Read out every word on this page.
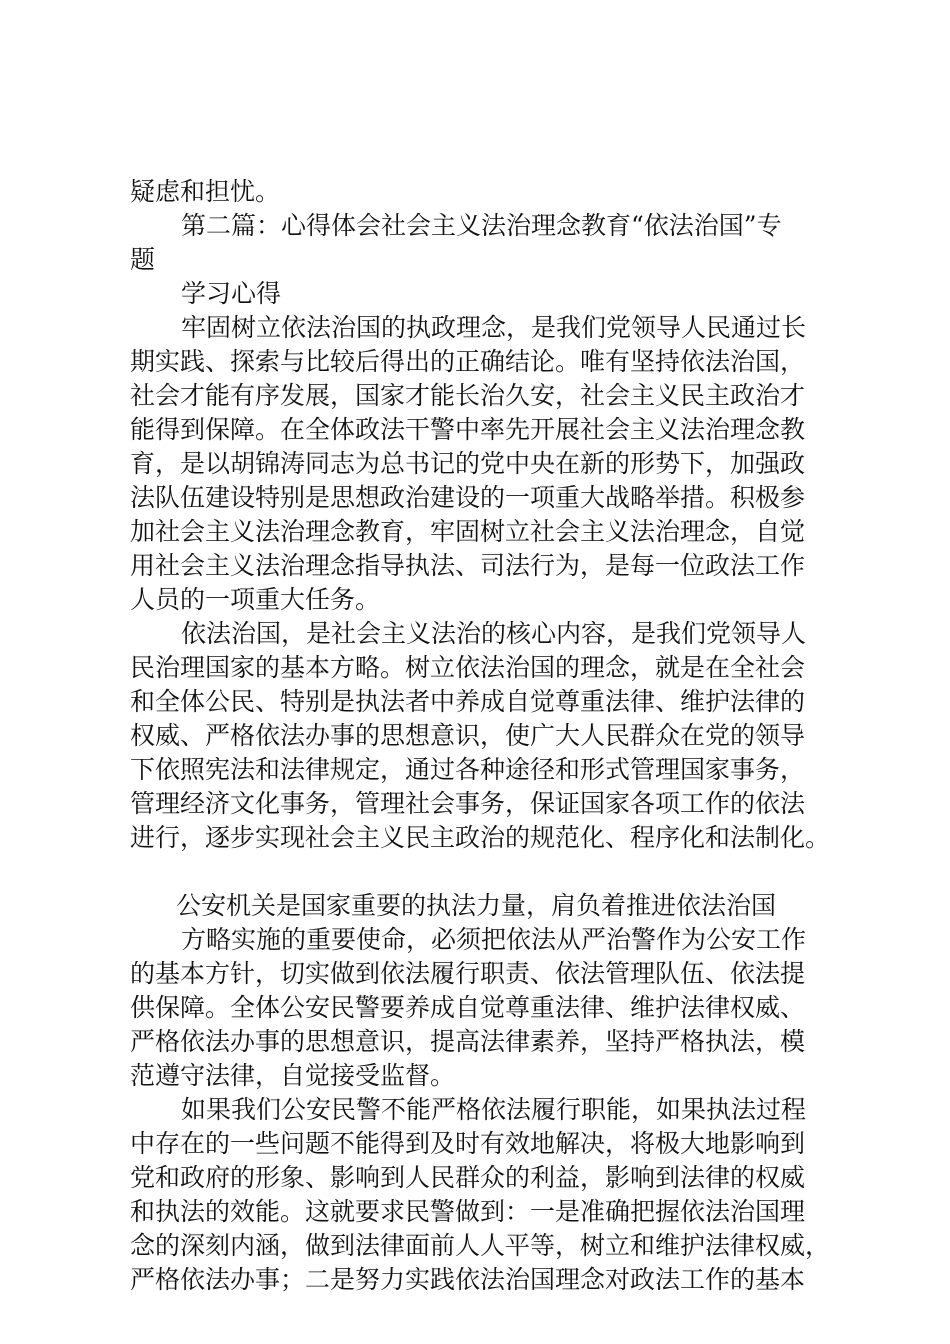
疑虑和担忧。
第二篇：心得体会社会主义法治理念教育“依法治国”专
题
学习心得
牢固树立依法治国的执政理念，是我们党领导人民通过长
期实践、探索与比较后得出的正确结论。唯有坚持依法治国，
社会才能有序发展，国家才能长治久安，社会主义民主政治才
能得到保障。在全体政法干警中率先开展社会主义法治理念教
育，是以胡锦涛同志为总书记的党中央在新的形势下，加强政
法队伍建设特别是思想政治建设的一项重大战略举措。积极参
加社会主义法治理念教育，牢固树立社会主义法治理念，自觉
用社会主义法治理念指导执法、司法行为，是每一位政法工作
人员的一项重大任务。
依法治国，是社会主义法治的核心内容，是我们党领导人
民治理国家的基本方略。树立依法治国的理念，就是在全社会
和全体公民、特别是执法者中养成自觉尊重法律、维护法律的
权威、严格依法办事的思想意识，使广大人民群众在党的领导
下依照宪法和法律规定，通过各种途径和形式管理国家事务，
管理经济文化事务，管理社会事务，保证国家各项工作的依法
进行，逐步实现社会主义民主政治的规范化、程序化和法制化。
公安机关是国家重要的执法力量，肩负着推进依法治国
方略实施的重要使命，必须把依法从严治警作为公安工作
的基本方针，切实做到依法履行职责、依法管理队伍、依法提
供保障。全体公安民警要养成自觉尊重法律、维护法律权威、
严格依法办事的思想意识，提高法律素养，坚持严格执法，模
范遵守法律，自觉接受监督。
如果我们公安民警不能严格依法履行职能，如果执法过程
中存在的一些问题不能得到及时有效地解决，将极大地影响到
党和政府的形象、影响到人民群众的利益，影响到法律的权威
和执法的效能。这就要求民警做到：一是准确把握依法治国理
念的深刻内涵，做到法律面前人人平等，树立和维护法律权威，
严格依法办事；二是努力实践依法治国理念对政法工作的基本
